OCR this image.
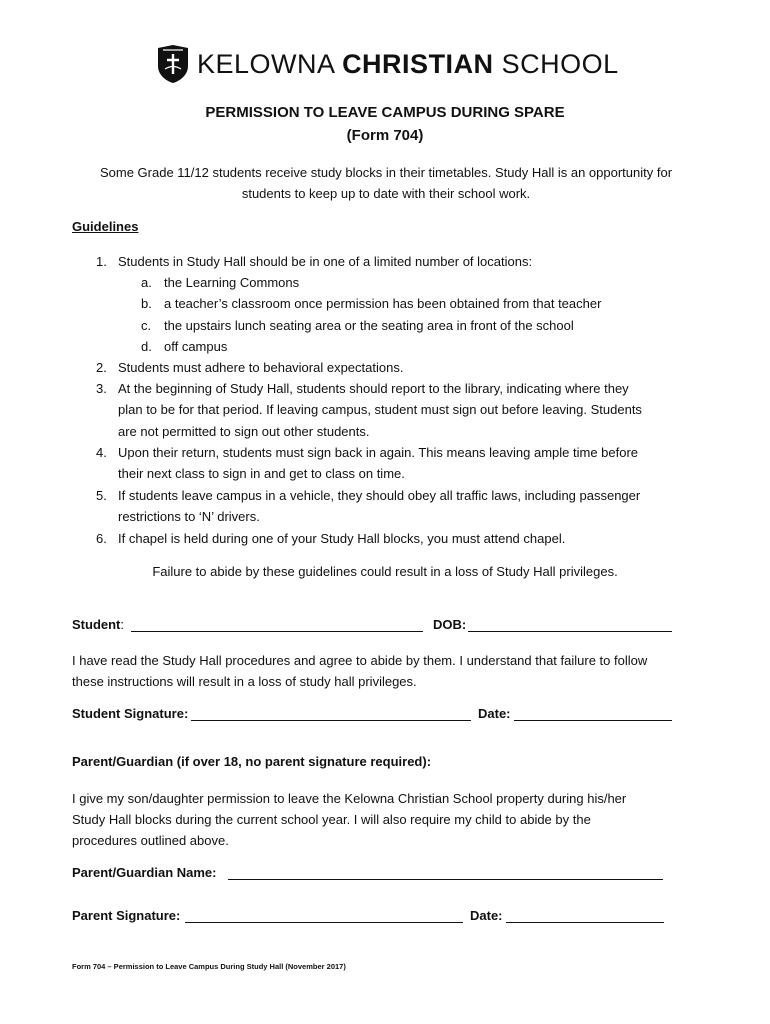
KELOWNA CHRISTIAN SCHOOL
PERMISSION TO LEAVE CAMPUS DURING SPARE
(Form 704)
Some Grade 11/12 students receive study blocks in their timetables. Study Hall is an opportunity for
students to keep up to date with their school work.
Guidelines
1. Students in Study Hall should be in one of a limited number of locations:
a. the Learning Commons
b. a teacher’s classroom once permission has been obtained from that teacher
c. the upstairs lunch seating area or the seating area in front of the school
d. off campus
2. Students must adhere to behavioral expectations.
3. At the beginning of Study Hall, students should report to the library, indicating where they
plan to be for that period. If leaving campus, student must sign out before leaving. Students
are not permitted to sign out other students.
4. Upon their return, students must sign back in again. This means leaving ample time before
their next class to sign in and get to class on time.
5. If students leave campus in a vehicle, they should obey all traffic laws, including passenger
restrictions to ‘N’ drivers.
6. If chapel is held during one of your Study Hall blocks, you must attend chapel.
Failure to abide by these guidelines could result in a loss of Study Hall privileges.
Student:	DOB:
I have read the Study Hall procedures and agree to abide by them. I understand that failure to follow
these instructions will result in a loss of study hall privileges.
Student Signature:	Date:
Parent/Guardian (if over 18, no parent signature required):
I give my son/daughter permission to leave the Kelowna Christian School property during his/her
Study Hall blocks during the current school year. I will also require my child to abide by the
procedures outlined above.
Parent/Guardian Name:
Parent Signature:	Date:
Form 704 – Permission to Leave Campus During Study Hall (November 2017)
